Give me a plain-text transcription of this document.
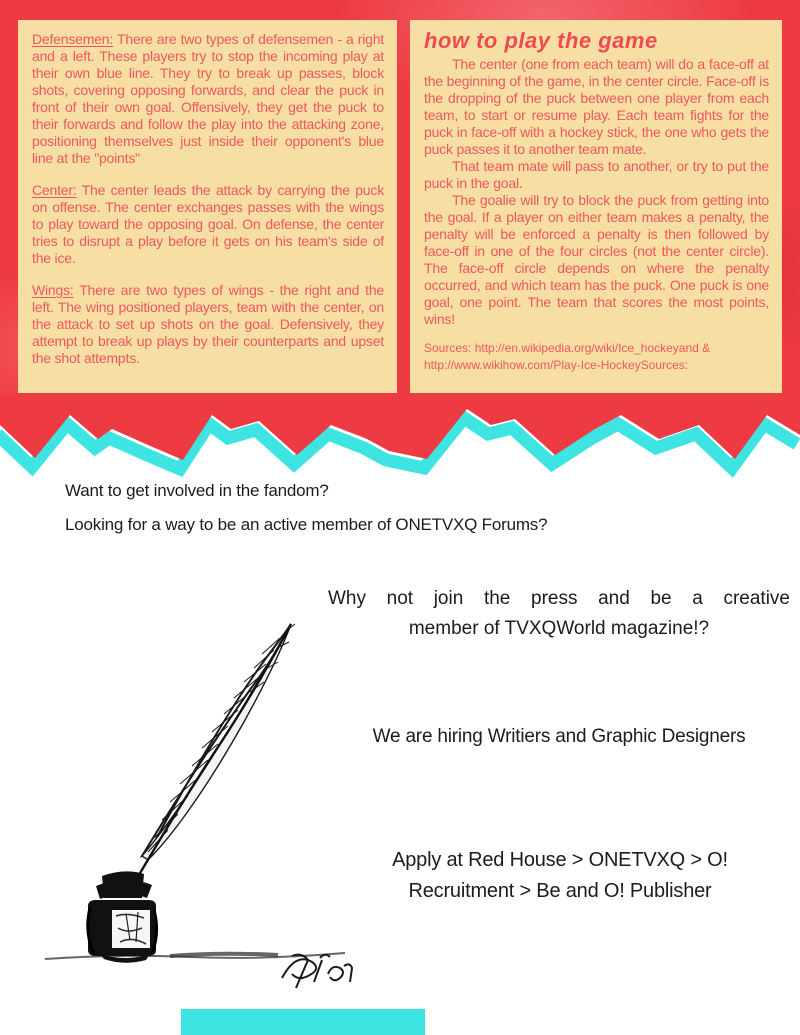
Defensemen: There are two types of defensemen - a right and a left. These players try to stop the incoming play at their own blue line. They try to break up passes, block shots, covering opposing forwards, and clear the puck in front of their own goal. Offensively, they get the puck to their forwards and follow the play into the attacking zone, positioning themselves just inside their opponent's blue line at the "points"

Center: The center leads the attack by carrying the puck on offense. The center exchanges passes with the wings to play toward the opposing goal. On defense, the center tries to disrupt a play before it gets on his team's side of the ice.

Wings: There are two types of wings - the right and the left. The wing positioned players, team with the center, on the attack to set up shots on the goal. Defensively, they attempt to break up plays by their counterparts and upset the shot attempts.

how to play the game

The center (one from each team) will do a face-off at the beginning of the game, in the center circle. Face-off is the dropping of the puck between one player from each team, to start or resume play. Each team fights for the puck in face-off with a hockey stick, the one who gets the puck passes it to another team mate.

That team mate will pass to another, or try to put the puck in the goal.

The goalie will try to block the puck from getting into the goal. If a player on either team makes a penalty, the penalty will be enforced a penalty is then followed by face-off in one of the four circles (not the center circle). The face-off circle depends on where the penalty occurred, and which team has the puck. One puck is one goal, one point. The team that scores the most points, wins!

Sources: http://en.wikipedia.org/wiki/Ice_hockeyand &
http://www.wikihow.com/Play-Ice-HockeySources:
Want to get involved in the fandom?
Looking for a way to be an active member of ONETVXQ Forums?
Why not join the press and be a creative
member of TVXQWorld magazine!?
We are hiring Writiers and Graphic Designers
Apply at Red House > ONETVXQ > O!
Recruitment > Be and O! Publisher
